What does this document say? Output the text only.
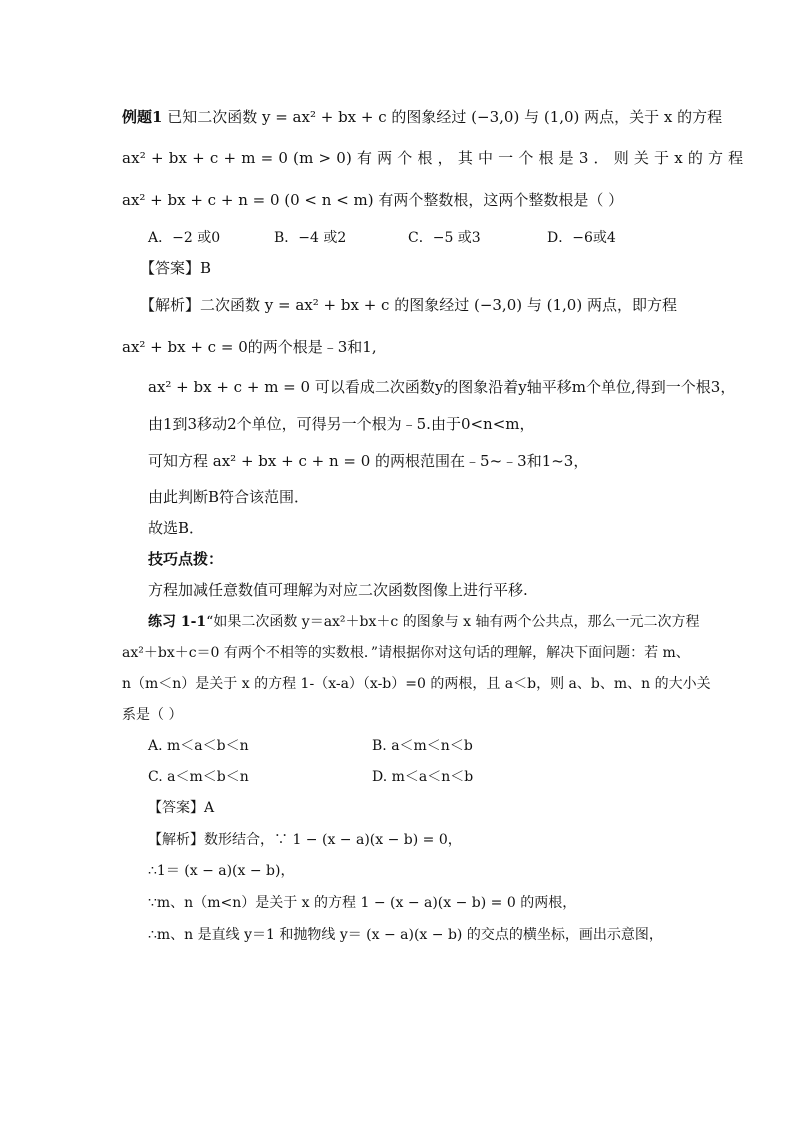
例题1 已知二次函数 y = ax² + bx + c 的图象经过 (−3,0) 与 (1,0) 两点，关于 x 的方程
ax² + bx + c + m = 0 (m > 0) 有 两 个 根 ， 其 中 一 个 根 是 3 ． 则 关 于 x 的 方 程
ax² + bx + c + n = 0 (0 < n < m) 有两个整数根，这两个整数根是（ ）
A．−2 或0	B．−4 或2	C．−5 或3	D．−6或4
【答案】B
【解析】二次函数 y = ax² + bx + c 的图象经过 (−3,0) 与 (1,0) 两点，即方程
ax² + bx + c = 0的两个根是﹣3和1,
ax² + bx + c + m = 0 可以看成二次函数y的图象沿着y轴平移m个单位,得到一个根3，
由1到3移动2个单位，可得另一个根为﹣5.由于0<n<m，
可知方程 ax² + bx + c + n = 0 的两根范围在﹣5~﹣3和1~3，
由此判断B符合该范围．
故选B．
技巧点拨：
方程加减任意数值可理解为对应二次函数图像上进行平移.
练习 1-1“如果二次函数 y＝ax²＋bx＋c 的图象与 x 轴有两个公共点，那么一元二次方程
ax²＋bx＋c＝0 有两个不相等的实数根．”请根据你对这句话的理解，解决下面问题：若 m、
n（m＜n）是关于 x 的方程 1-（x-a）（x-b）=0 的两根，且 a＜b，则 a、b、m、n 的大小关
系是（ ）
A. m＜a＜b＜n	B. a＜m＜n＜b
C. a＜m＜b＜n	D. m＜a＜n＜b
【答案】A
【解析】数形结合，∵ 1 − (x − a)(x − b) = 0，
∴1＝ (x − a)(x − b)，
∵m、n（m<n）是关于 x 的方程 1 − (x − a)(x − b) = 0 的两根，
∴m、n 是直线 y＝1 和抛物线 y＝ (x − a)(x − b) 的交点的横坐标，画出示意图，
